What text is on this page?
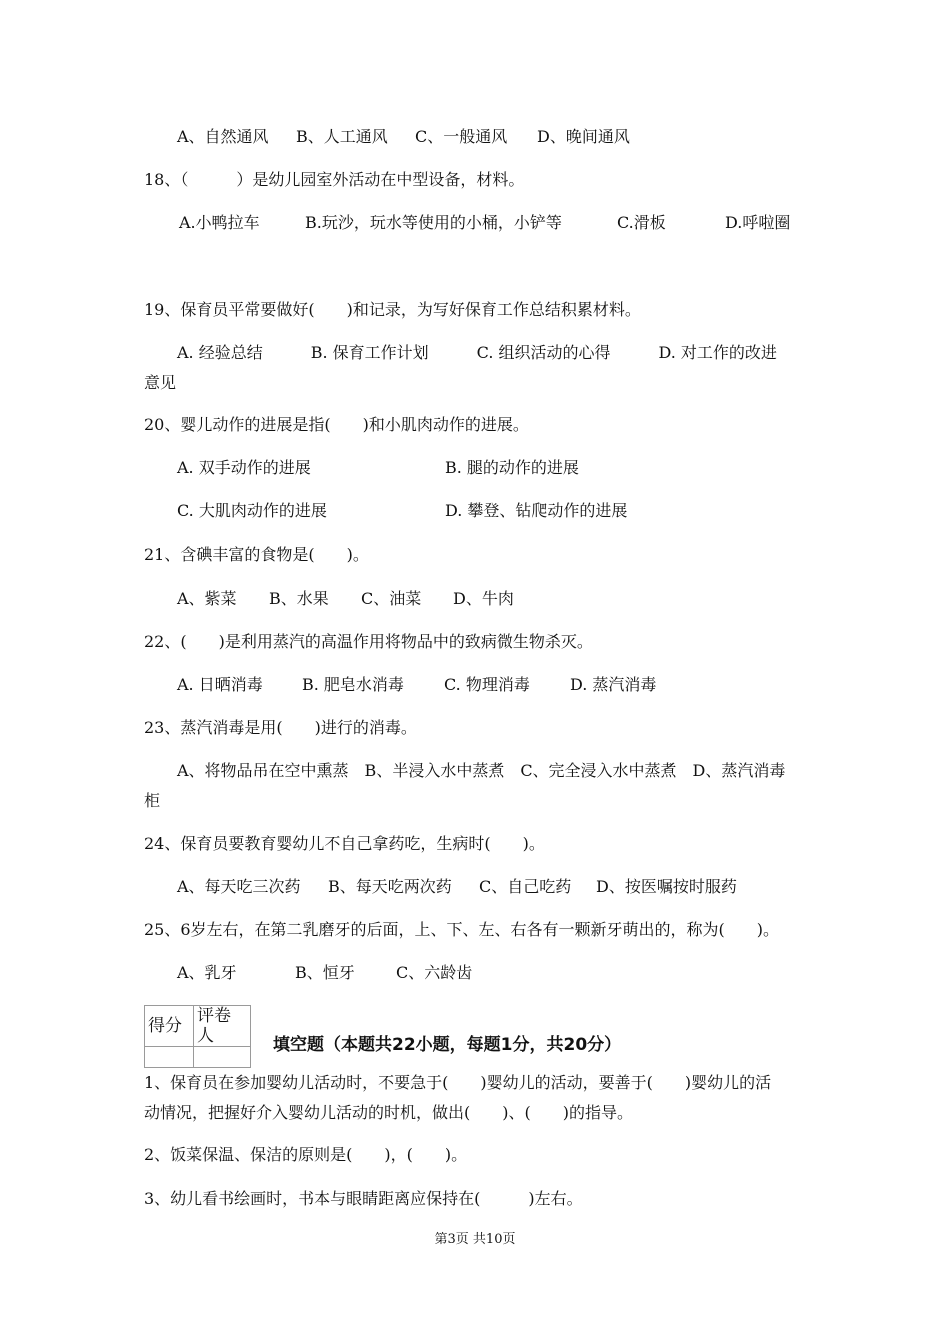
A、自然通风 B、人工通风 C、一般通风 D、晚间通风
18、（　　　）是幼儿园室外活动在中型设备，材料。
A.小鸭拉车	B.玩沙，玩水等使用的小桶，小铲等	C.滑板	D.呼啦圈
19、保育员平常要做好(　　)和记录，为写好保育工作总结积累材料。
A. 经验总结　　　B. 保育工作计划　　　C. 组织活动的心得　　　D. 对工作的改进
意见
20、婴儿动作的进展是指(　　)和小肌肉动作的进展。
A. 双手动作的进展	B. 腿的动作的进展
C. 大肌肉动作的进展	D. 攀登、钻爬动作的进展
21、含碘丰富的食物是(　　)。
A、紫菜 B、水果 C、油菜 D、牛肉
22、(　　)是利用蒸汽的高温作用将物品中的致病微生物杀灭。
A. 日晒消毒 B. 肥皂水消毒	C. 物理消毒	D. 蒸汽消毒
23、蒸汽消毒是用(　　)进行的消毒。
A、将物品吊在空中熏蒸　B、半浸入水中蒸煮　C、完全浸入水中蒸煮　D、蒸汽消毒
柜
24、保育员要教育婴幼儿不自己拿药吃，生病时(　　)。
A、每天吃三次药 B、每天吃两次药 C、自己吃药 D、按医嘱按时服药
25、6岁左右，在第二乳磨牙的后面，上、下、左、右各有一颗新牙萌出的，称为(　　)。
A、乳牙	B、恒牙	C、六龄齿
得分	评卷人
		填空题（本题共22小题，每题1分，共20分）
1、保育员在参加婴幼儿活动时，不要急于(　　)婴幼儿的活动，要善于(　　)婴幼儿的活
动情况，把握好介入婴幼儿活动的时机，做出(　　)、(　　)的指导。
2、饭菜保温、保洁的原则是(　　)，(　　)。
3、幼儿看书绘画时，书本与眼睛距离应保持在(　　　)左右。
第3页 共10页
